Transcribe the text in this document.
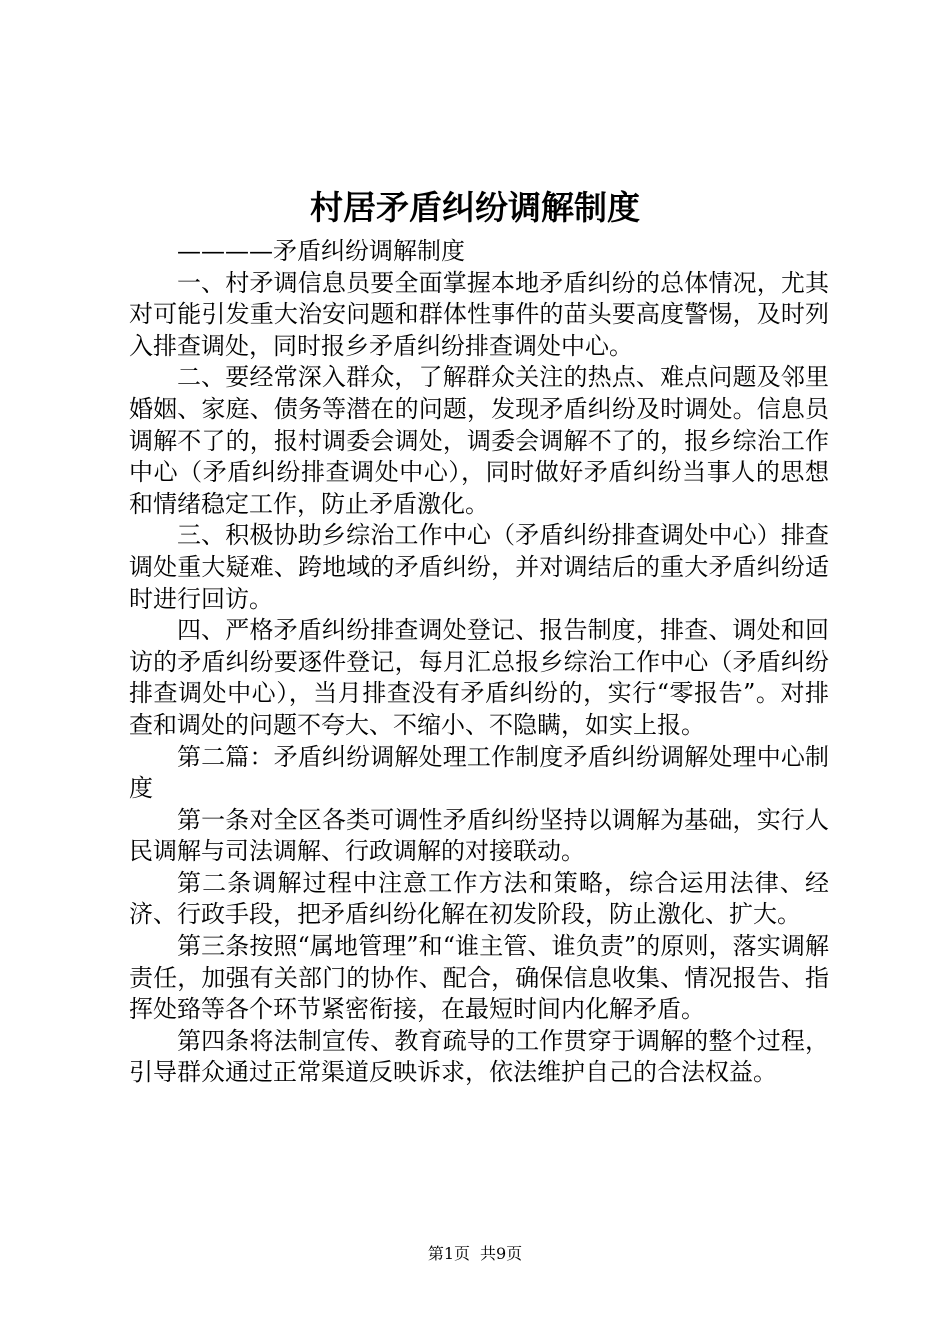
村居矛盾纠纷调解制度

————矛盾纠纷调解制度

一、村矛调信息员要全面掌握本地矛盾纠纷的总体情况，尤其对可能引发重大治安问题和群体性事件的苗头要高度警惕，及时列入排查调处，同时报乡矛盾纠纷排查调处中心。

二、要经常深入群众，了解群众关注的热点、难点问题及邻里婚姻、家庭、债务等潜在的问题，发现矛盾纠纷及时调处。信息员调解不了的，报村调委会调处，调委会调解不了的，报乡综治工作中心（矛盾纠纷排查调处中心），同时做好矛盾纠纷当事人的思想和情绪稳定工作，防止矛盾激化。

三、积极协助乡综治工作中心（矛盾纠纷排查调处中心）排查调处重大疑难、跨地域的矛盾纠纷，并对调结后的重大矛盾纠纷适时进行回访。

四、严格矛盾纠纷排查调处登记、报告制度，排查、调处和回访的矛盾纠纷要逐件登记，每月汇总报乡综治工作中心（矛盾纠纷排查调处中心），当月排查没有矛盾纠纷的，实行“零报告”。对排查和调处的问题不夸大、不缩小、不隐瞒，如实上报。

第二篇：矛盾纠纷调解处理工作制度矛盾纠纷调解处理中心制度

第一条对全区各类可调性矛盾纠纷坚持以调解为基础，实行人民调解与司法调解、行政调解的对接联动。

第二条调解过程中注意工作方法和策略，综合运用法律、经济、行政手段，把矛盾纠纷化解在初发阶段，防止激化、扩大。

第三条按照“属地管理”和“谁主管、谁负责”的原则，落实调解责任，加强有关部门的协作、配合，确保信息收集、情况报告、指挥处臵等各个环节紧密衔接，在最短时间内化解矛盾。

第四条将法制宣传、教育疏导的工作贯穿于调解的整个过程，引导群众通过正常渠道反映诉求，依法维护自己的合法权益。

第1页 共9页
